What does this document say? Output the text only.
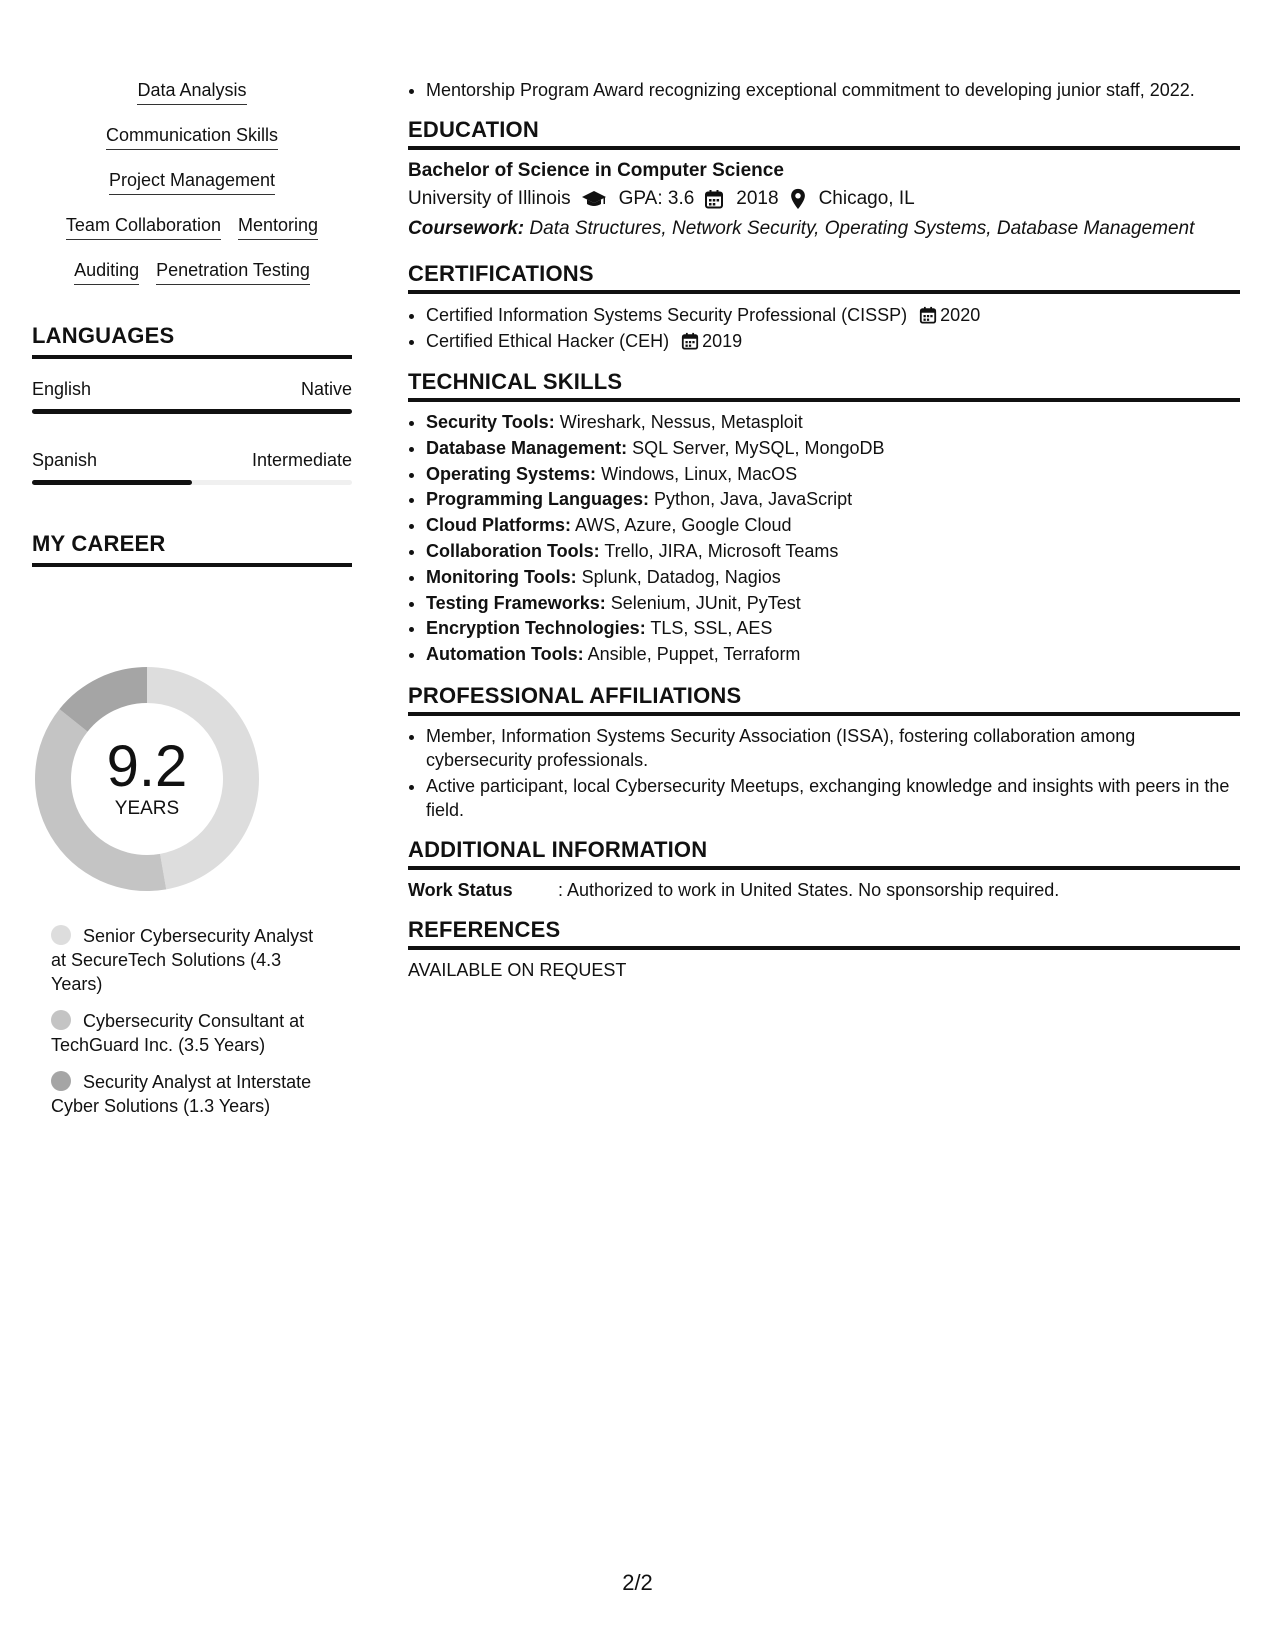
Data Analysis
Communication Skills
Project Management
Team Collaboration Mentoring
Auditing Penetration Testing
LANGUAGES
English	Native
Spanish	Intermediate
MY CAREER
9.2
YEARS
Senior Cybersecurity Analyst at SecureTech Solutions (4.3 Years)
Cybersecurity Consultant at TechGuard Inc. (3.5 Years)
Security Analyst at Interstate Cyber Solutions (1.3 Years)
• Mentorship Program Award recognizing exceptional commitment to developing junior staff, 2022.
EDUCATION
Bachelor of Science in Computer Science
University of Illinois	GPA: 3.6 2018 Chicago, IL
Coursework: Data Structures, Network Security, Operating Systems, Database Management
CERTIFICATIONS
• Certified Information Systems Security Professional (CISSP) 2020
• Certified Ethical Hacker (CEH) 2019
TECHNICAL SKILLS
• Security Tools: Wireshark, Nessus, Metasploit
• Database Management: SQL Server, MySQL, MongoDB
• Operating Systems: Windows, Linux, MacOS
• Programming Languages: Python, Java, JavaScript
• Cloud Platforms: AWS, Azure, Google Cloud
• Collaboration Tools: Trello, JIRA, Microsoft Teams
• Monitoring Tools: Splunk, Datadog, Nagios
• Testing Frameworks: Selenium, JUnit, PyTest
• Encryption Technologies: TLS, SSL, AES
• Automation Tools: Ansible, Puppet, Terraform
PROFESSIONAL AFFILIATIONS
• Member, Information Systems Security Association (ISSA), fostering collaboration among cybersecurity professionals.
• Active participant, local Cybersecurity Meetups, exchanging knowledge and insights with peers in the field.
ADDITIONAL INFORMATION
Work Status	: Authorized to work in United States. No sponsorship required.
REFERENCES
AVAILABLE ON REQUEST
2/2
